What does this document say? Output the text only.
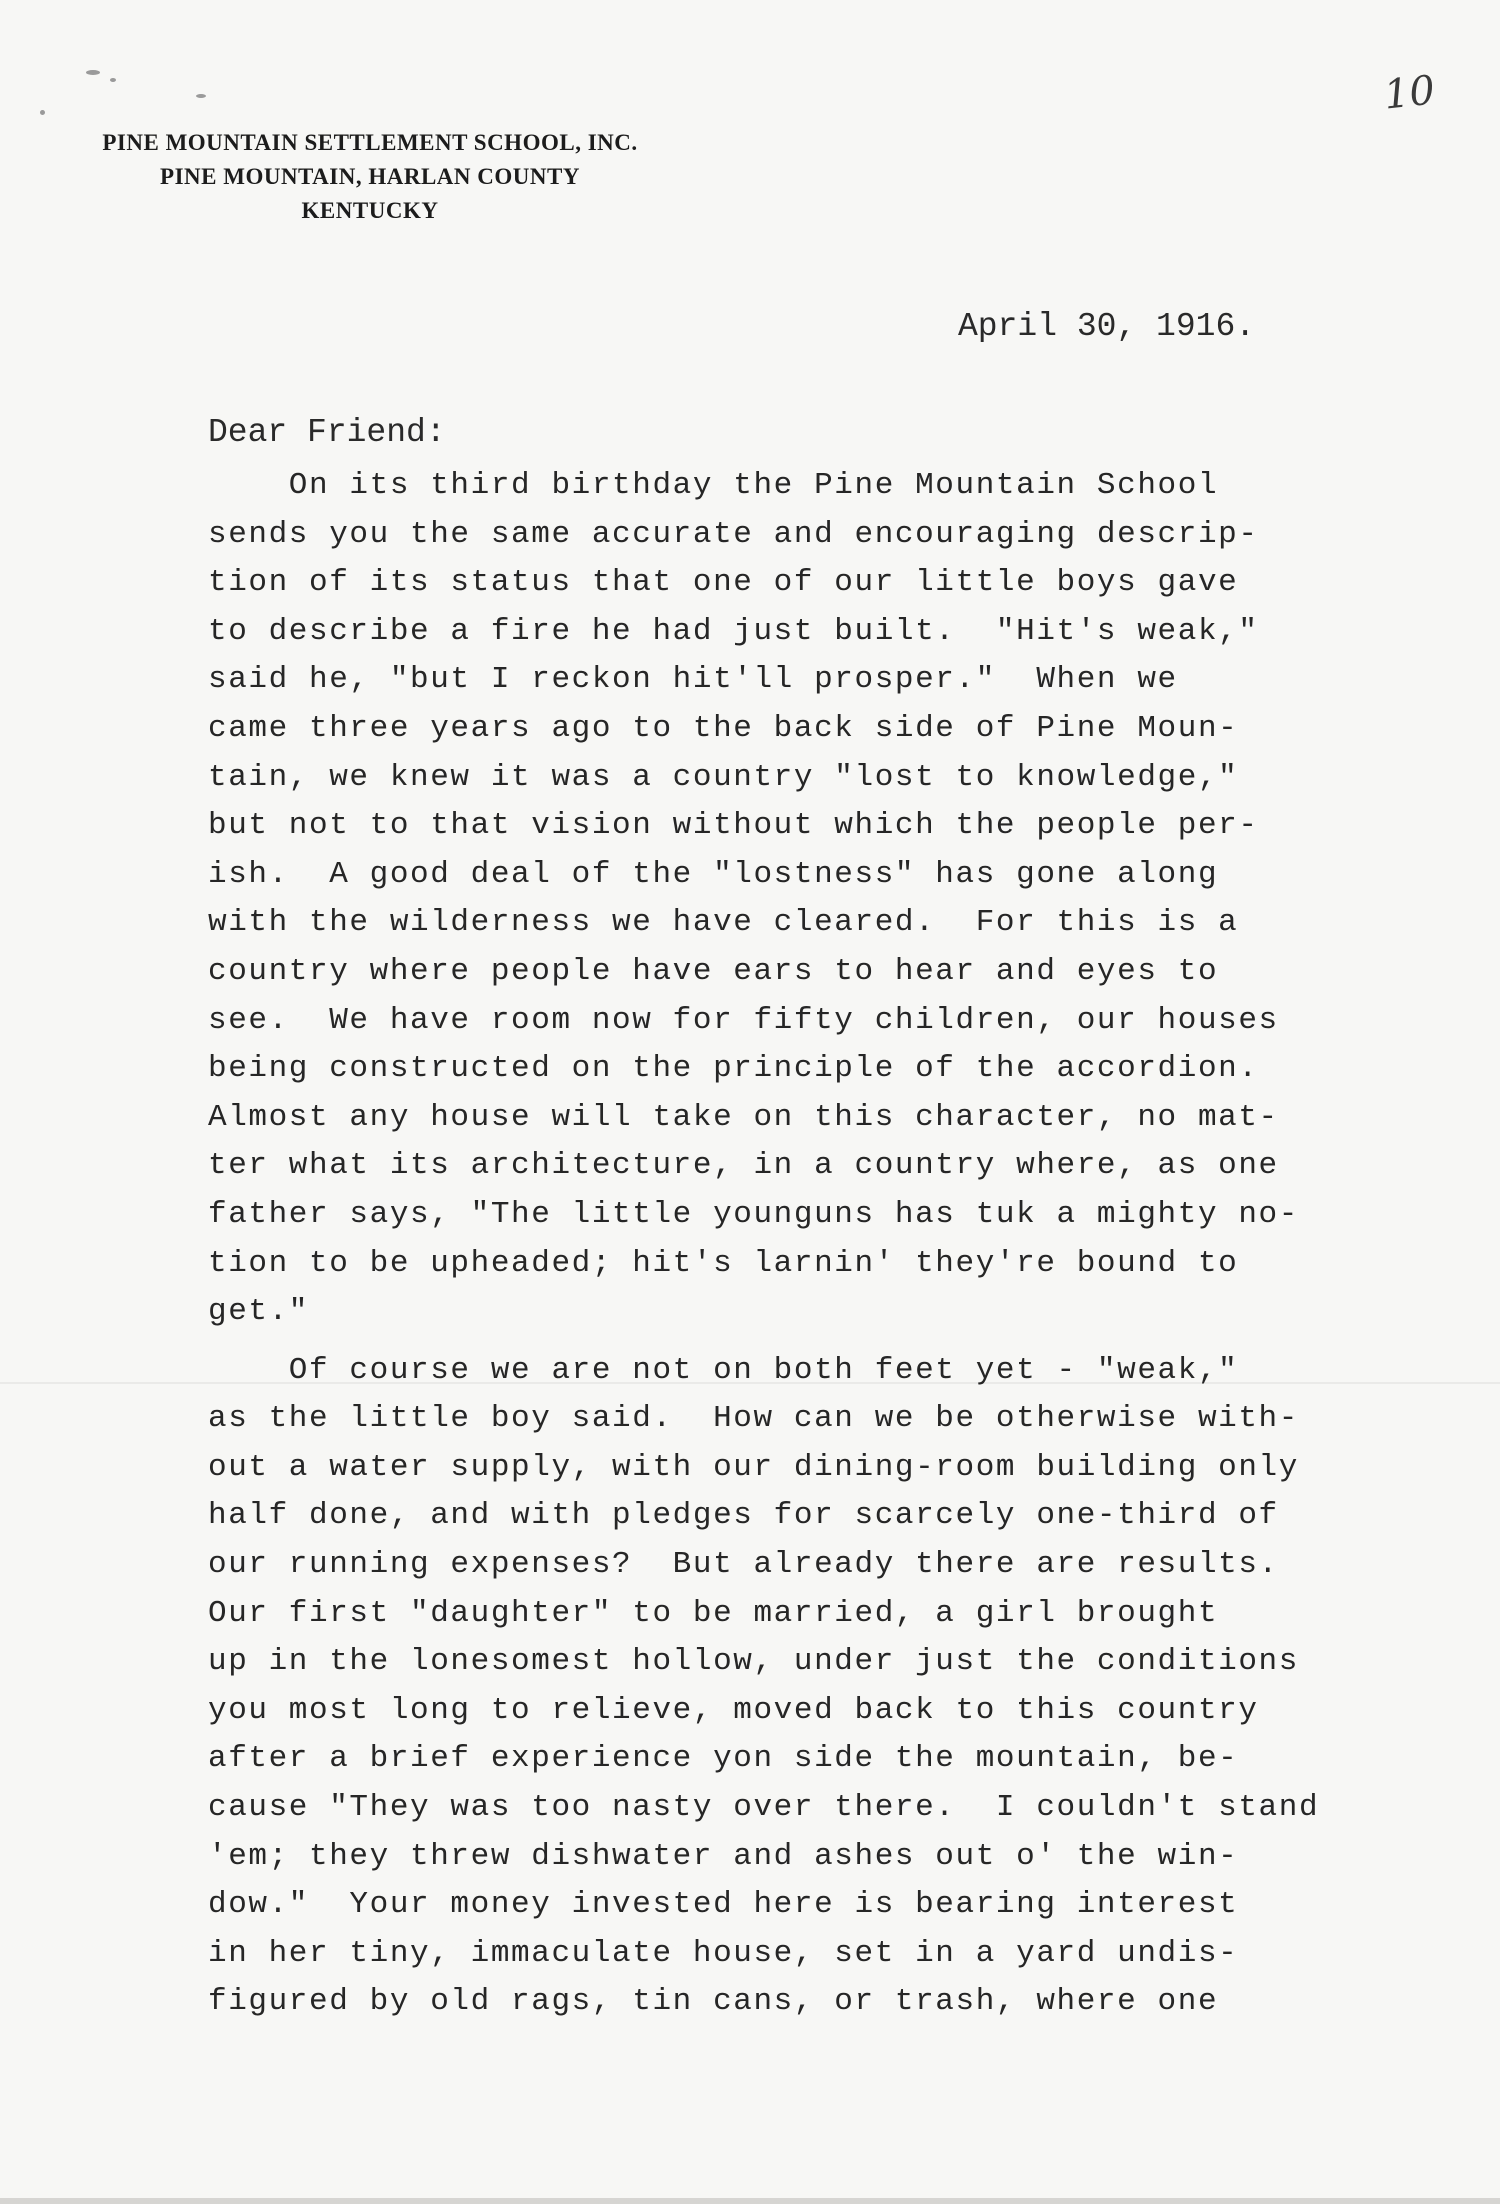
10
PINE MOUNTAIN SETTLEMENT SCHOOL, INC.
PINE MOUNTAIN, HARLAN COUNTY
KENTUCKY
April 30, 1916.
Dear Friend:
On its third birthday the Pine Mountain School
sends you the same accurate and encouraging descrip-
tion of its status that one of our little boys gave
to describe a fire he had just built.  "Hit's weak,"
said he, "but I reckon hit'll prosper."  When we
came three years ago to the back side of Pine Moun-
tain, we knew it was a country "lost to knowledge,"
but not to that vision without which the people per-
ish.  A good deal of the "lostness" has gone along
with the wilderness we have cleared.  For this is a
country where people have ears to hear and eyes to
see.  We have room now for fifty children, our houses
being constructed on the principle of the accordion.
Almost any house will take on this character, no mat-
ter what its architecture, in a country where, as one
father says, "The little younguns has tuk a mighty no-
tion to be upheaded; hit's larnin' they're bound to
get."
Of course we are not on both feet yet - "weak,"
as the little boy said.  How can we be otherwise with-
out a water supply, with our dining-room building only
half done, and with pledges for scarcely one-third of
our running expenses?  But already there are results.
Our first "daughter" to be married, a girl brought
up in the lonesomest hollow, under just the conditions
you most long to relieve, moved back to this country
after a brief experience yon side the mountain, be-
cause "They was too nasty over there.  I couldn't stand
'em; they threw dishwater and ashes out o' the win-
dow."  Your money invested here is bearing interest
in her tiny, immaculate house, set in a yard undis-
figured by old rags, tin cans, or trash, where one
